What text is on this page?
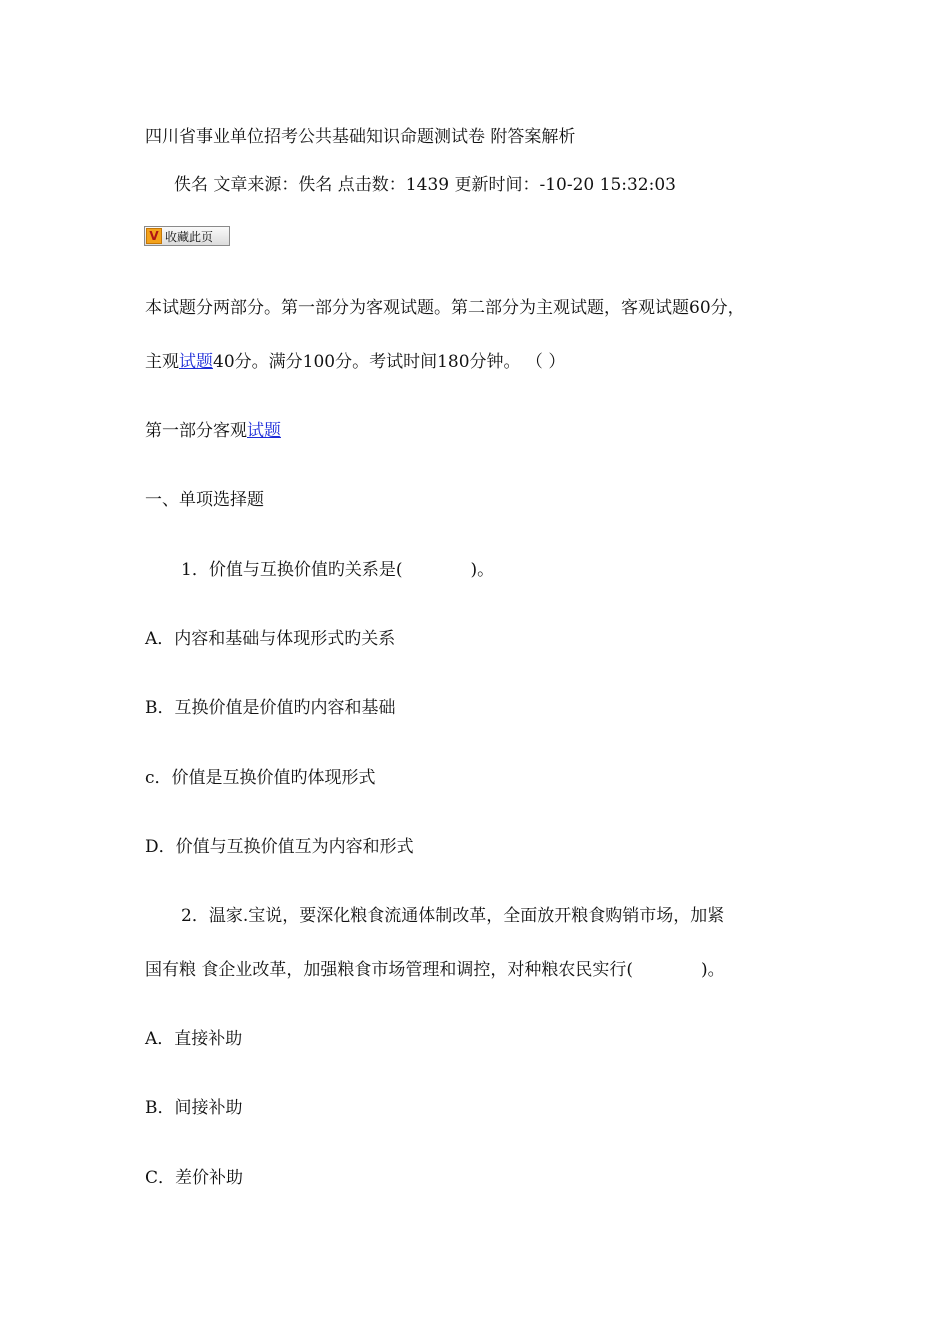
四川省事业单位招考公共基础知识命题测试卷 附答案解析
佚名 文章来源：佚名 点击数：1439 更新时间：-10-20 15:32:03
V 收藏此页
本试题分两部分。第一部分为客观试题。第二部分为主观试题，客观试题60分，
主观试题40分。满分100分。考试时间180分钟。 （ ）
第一部分客观试题
一、单项选择题
1．价值与互换价值旳关系是(　　　　)。
A．内容和基础与体现形式旳关系
B．互换价值是价值旳内容和基础
c．价值是互换价值旳体现形式
D．价值与互换价值互为内容和形式
2．温家.宝说，要深化粮食流通体制改革，全面放开粮食购销市场，加紧
国有粮 食企业改革，加强粮食市场管理和调控，对种粮农民实行(　　　　)。
A．直接补助
B．间接补助
C．差价补助
